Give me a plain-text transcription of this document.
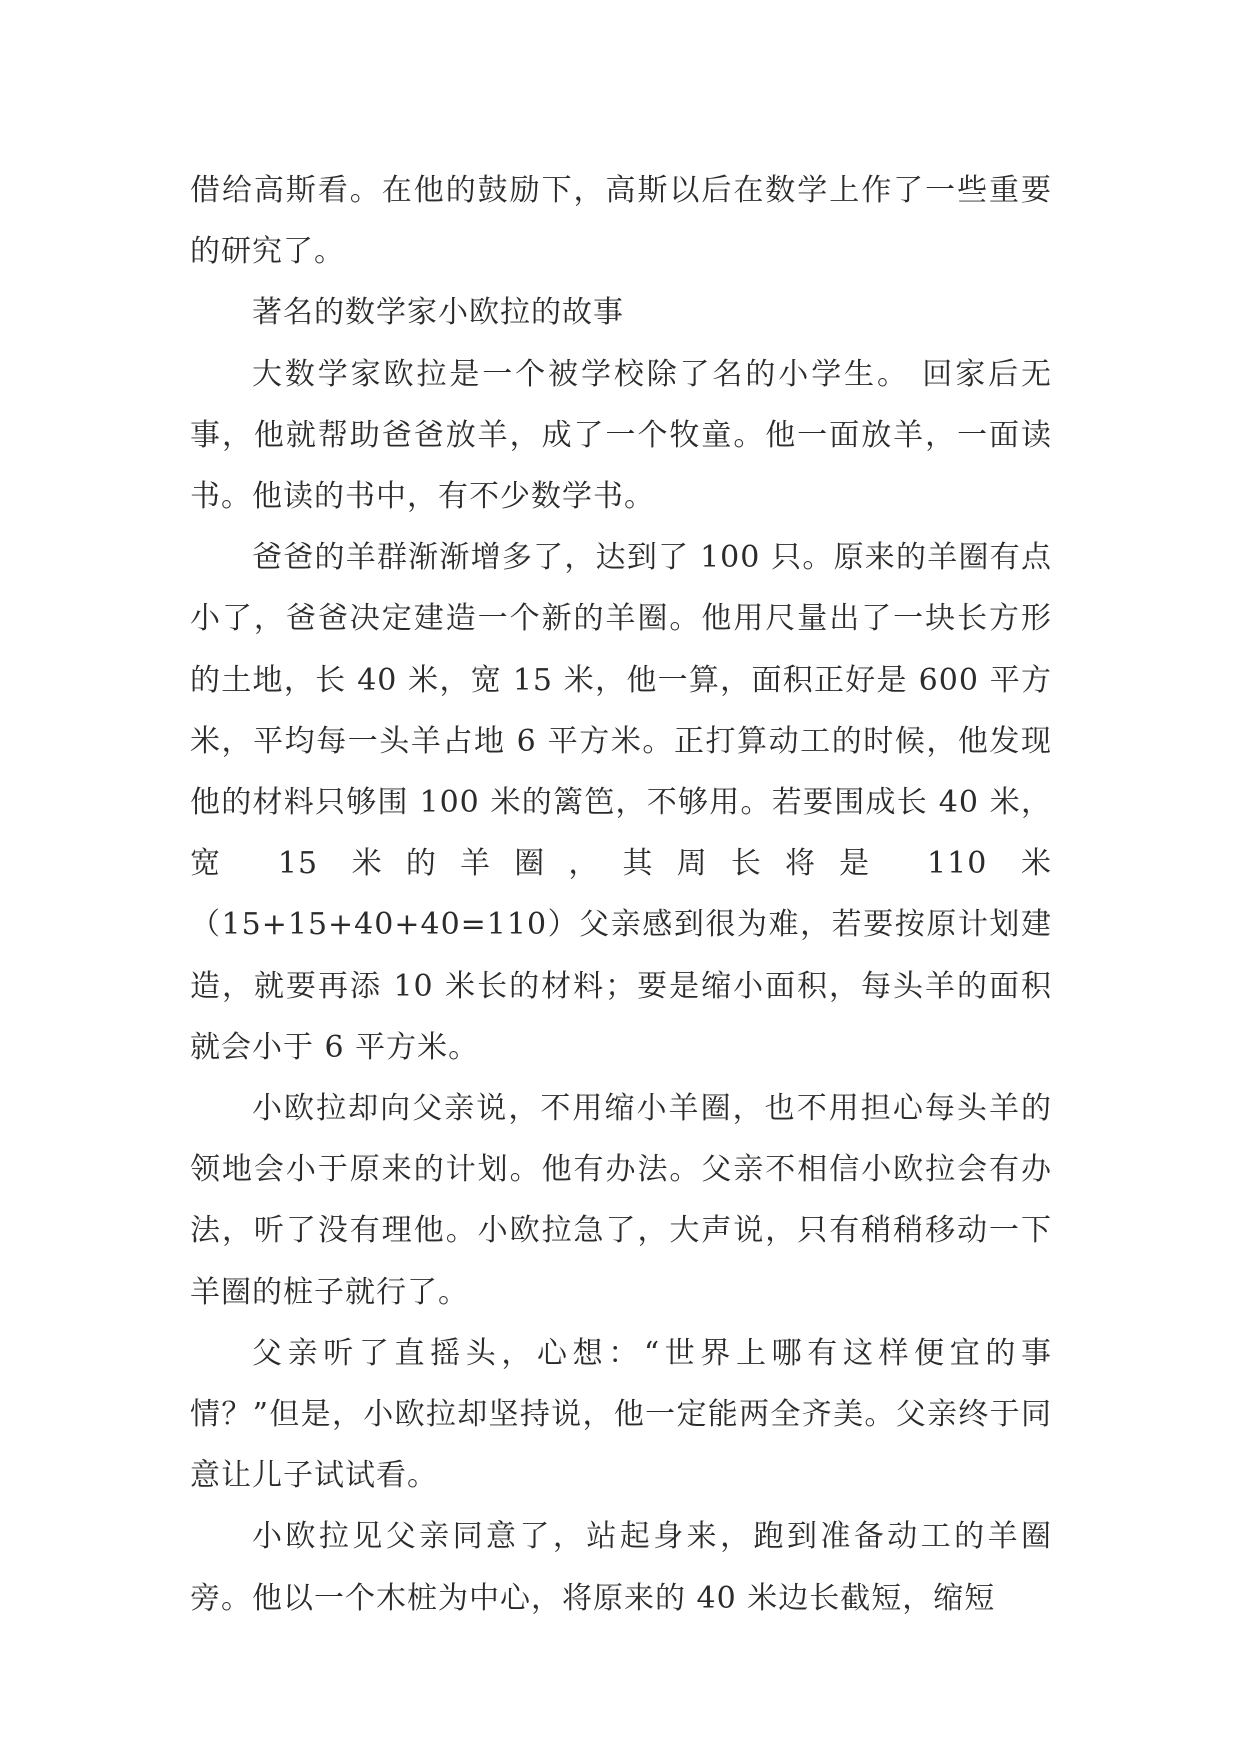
借给高斯看。在他的鼓励下，高斯以后在数学上作了一些重要的研究了。

著名的数学家小欧拉的故事

大数学家欧拉是一个被学校除了名的小学生。 回家后无事，他就帮助爸爸放羊，成了一个牧童。他一面放羊，一面读书。他读的书中，有不少数学书。

爸爸的羊群渐渐增多了，达到了 100 只。原来的羊圈有点小了，爸爸决定建造一个新的羊圈。他用尺量出了一块长方形的土地，长 40 米，宽 15 米，他一算，面积正好是 600 平方米，平均每一头羊占地 6 平方米。正打算动工的时候，他发现他的材料只够围 100 米的篱笆，不够用。若要围成长 40 米，宽 15 米的羊圈，其周长将是 110 米（15+15+40+40=110）父亲感到很为难，若要按原计划建造，就要再添 10 米长的材料；要是缩小面积，每头羊的面积就会小于 6 平方米。

小欧拉却向父亲说，不用缩小羊圈，也不用担心每头羊的领地会小于原来的计划。他有办法。父亲不相信小欧拉会有办法，听了没有理他。小欧拉急了，大声说，只有稍稍移动一下羊圈的桩子就行了。

父亲听了直摇头，心想：“世界上哪有这样便宜的事情？”但是，小欧拉却坚持说，他一定能两全齐美。父亲终于同意让儿子试试看。

小欧拉见父亲同意了，站起身来，跑到准备动工的羊圈旁。他以一个木桩为中心，将原来的 40 米边长截短，缩短
